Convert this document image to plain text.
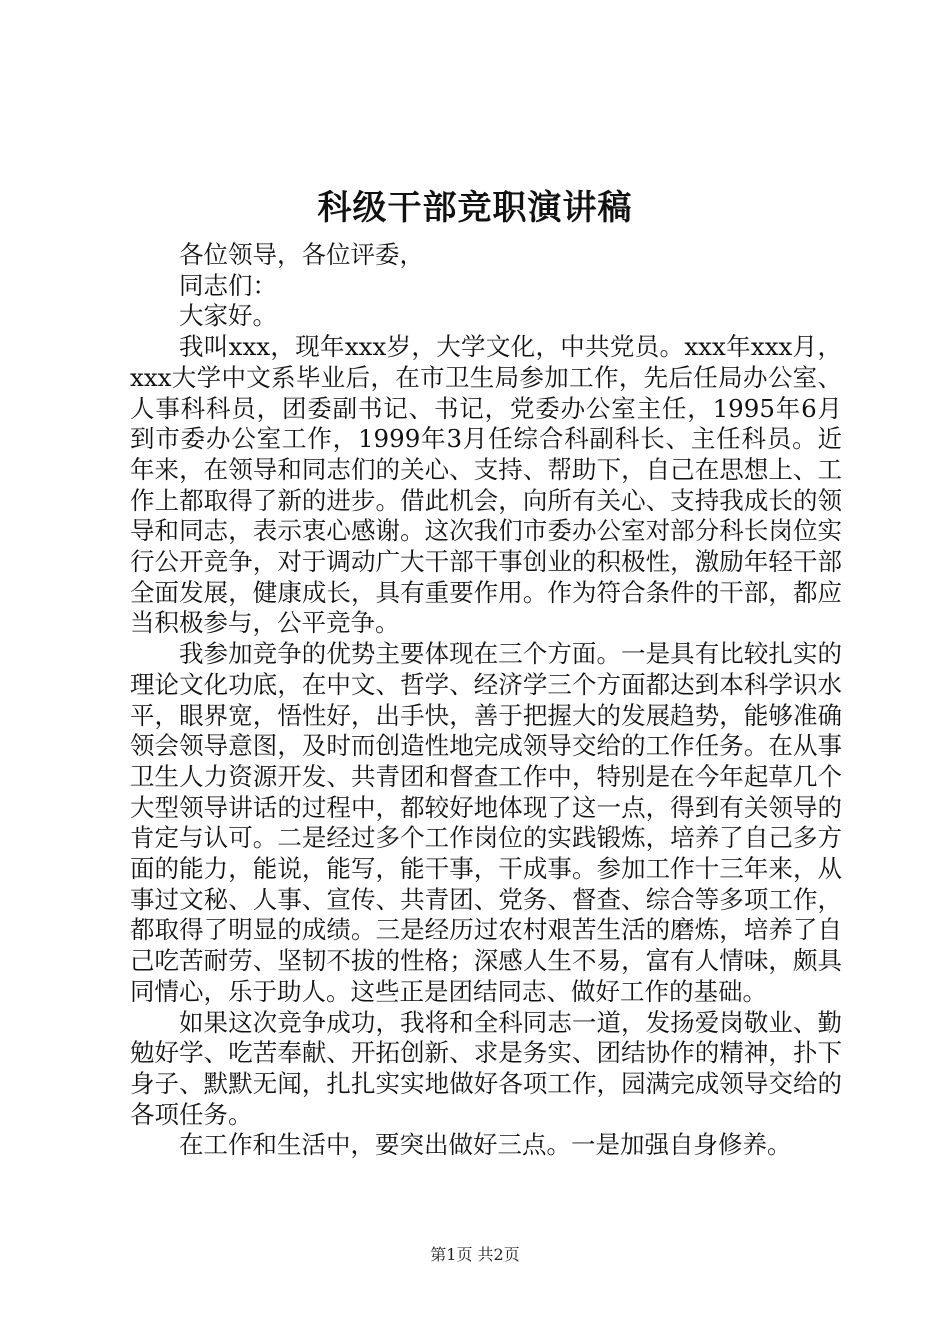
科级干部竞职演讲稿

各位领导，各位评委，

同志们：

大家好。

我叫xxx，现年xxx岁，大学文化，中共党员。xxx年xxx月，xxx大学中文系毕业后，在市卫生局参加工作，先后任局办公室、人事科科员，团委副书记、书记，党委办公室主任，1995年6月到市委办公室工作，1999年3月任综合科副科长、主任科员。近年来，在领导和同志们的关心、支持、帮助下，自己在思想上、工作上都取得了新的进步。借此机会，向所有关心、支持我成长的领导和同志，表示衷心感谢。这次我们市委办公室对部分科长岗位实行公开竞争，对于调动广大干部干事创业的积极性，激励年轻干部全面发展，健康成长，具有重要作用。作为符合条件的干部，都应当积极参与，公平竞争。

我参加竞争的优势主要体现在三个方面。一是具有比较扎实的理论文化功底，在中文、哲学、经济学三个方面都达到本科学识水平，眼界宽，悟性好，出手快，善于把握大的发展趋势，能够准确领会领导意图，及时而创造性地完成领导交给的工作任务。在从事卫生人力资源开发、共青团和督查工作中，特别是在今年起草几个大型领导讲话的过程中，都较好地体现了这一点，得到有关领导的肯定与认可。二是经过多个工作岗位的实践锻炼，培养了自己多方面的能力，能说，能写，能干事，干成事。参加工作十三年来，从事过文秘、人事、宣传、共青团、党务、督查、综合等多项工作，都取得了明显的成绩。三是经历过农村艰苦生活的磨炼，培养了自己吃苦耐劳、坚韧不拔的性格；深感人生不易，富有人情味，颇具同情心，乐于助人。这些正是团结同志、做好工作的基础。

如果这次竞争成功，我将和全科同志一道，发扬爱岗敬业、勤勉好学、吃苦奉献、开拓创新、求是务实、团结协作的精神，扑下身子、默默无闻，扎扎实实地做好各项工作，园满完成领导交给的各项任务。

在工作和生活中，要突出做好三点。一是加强自身修养。

第1页 共2页
